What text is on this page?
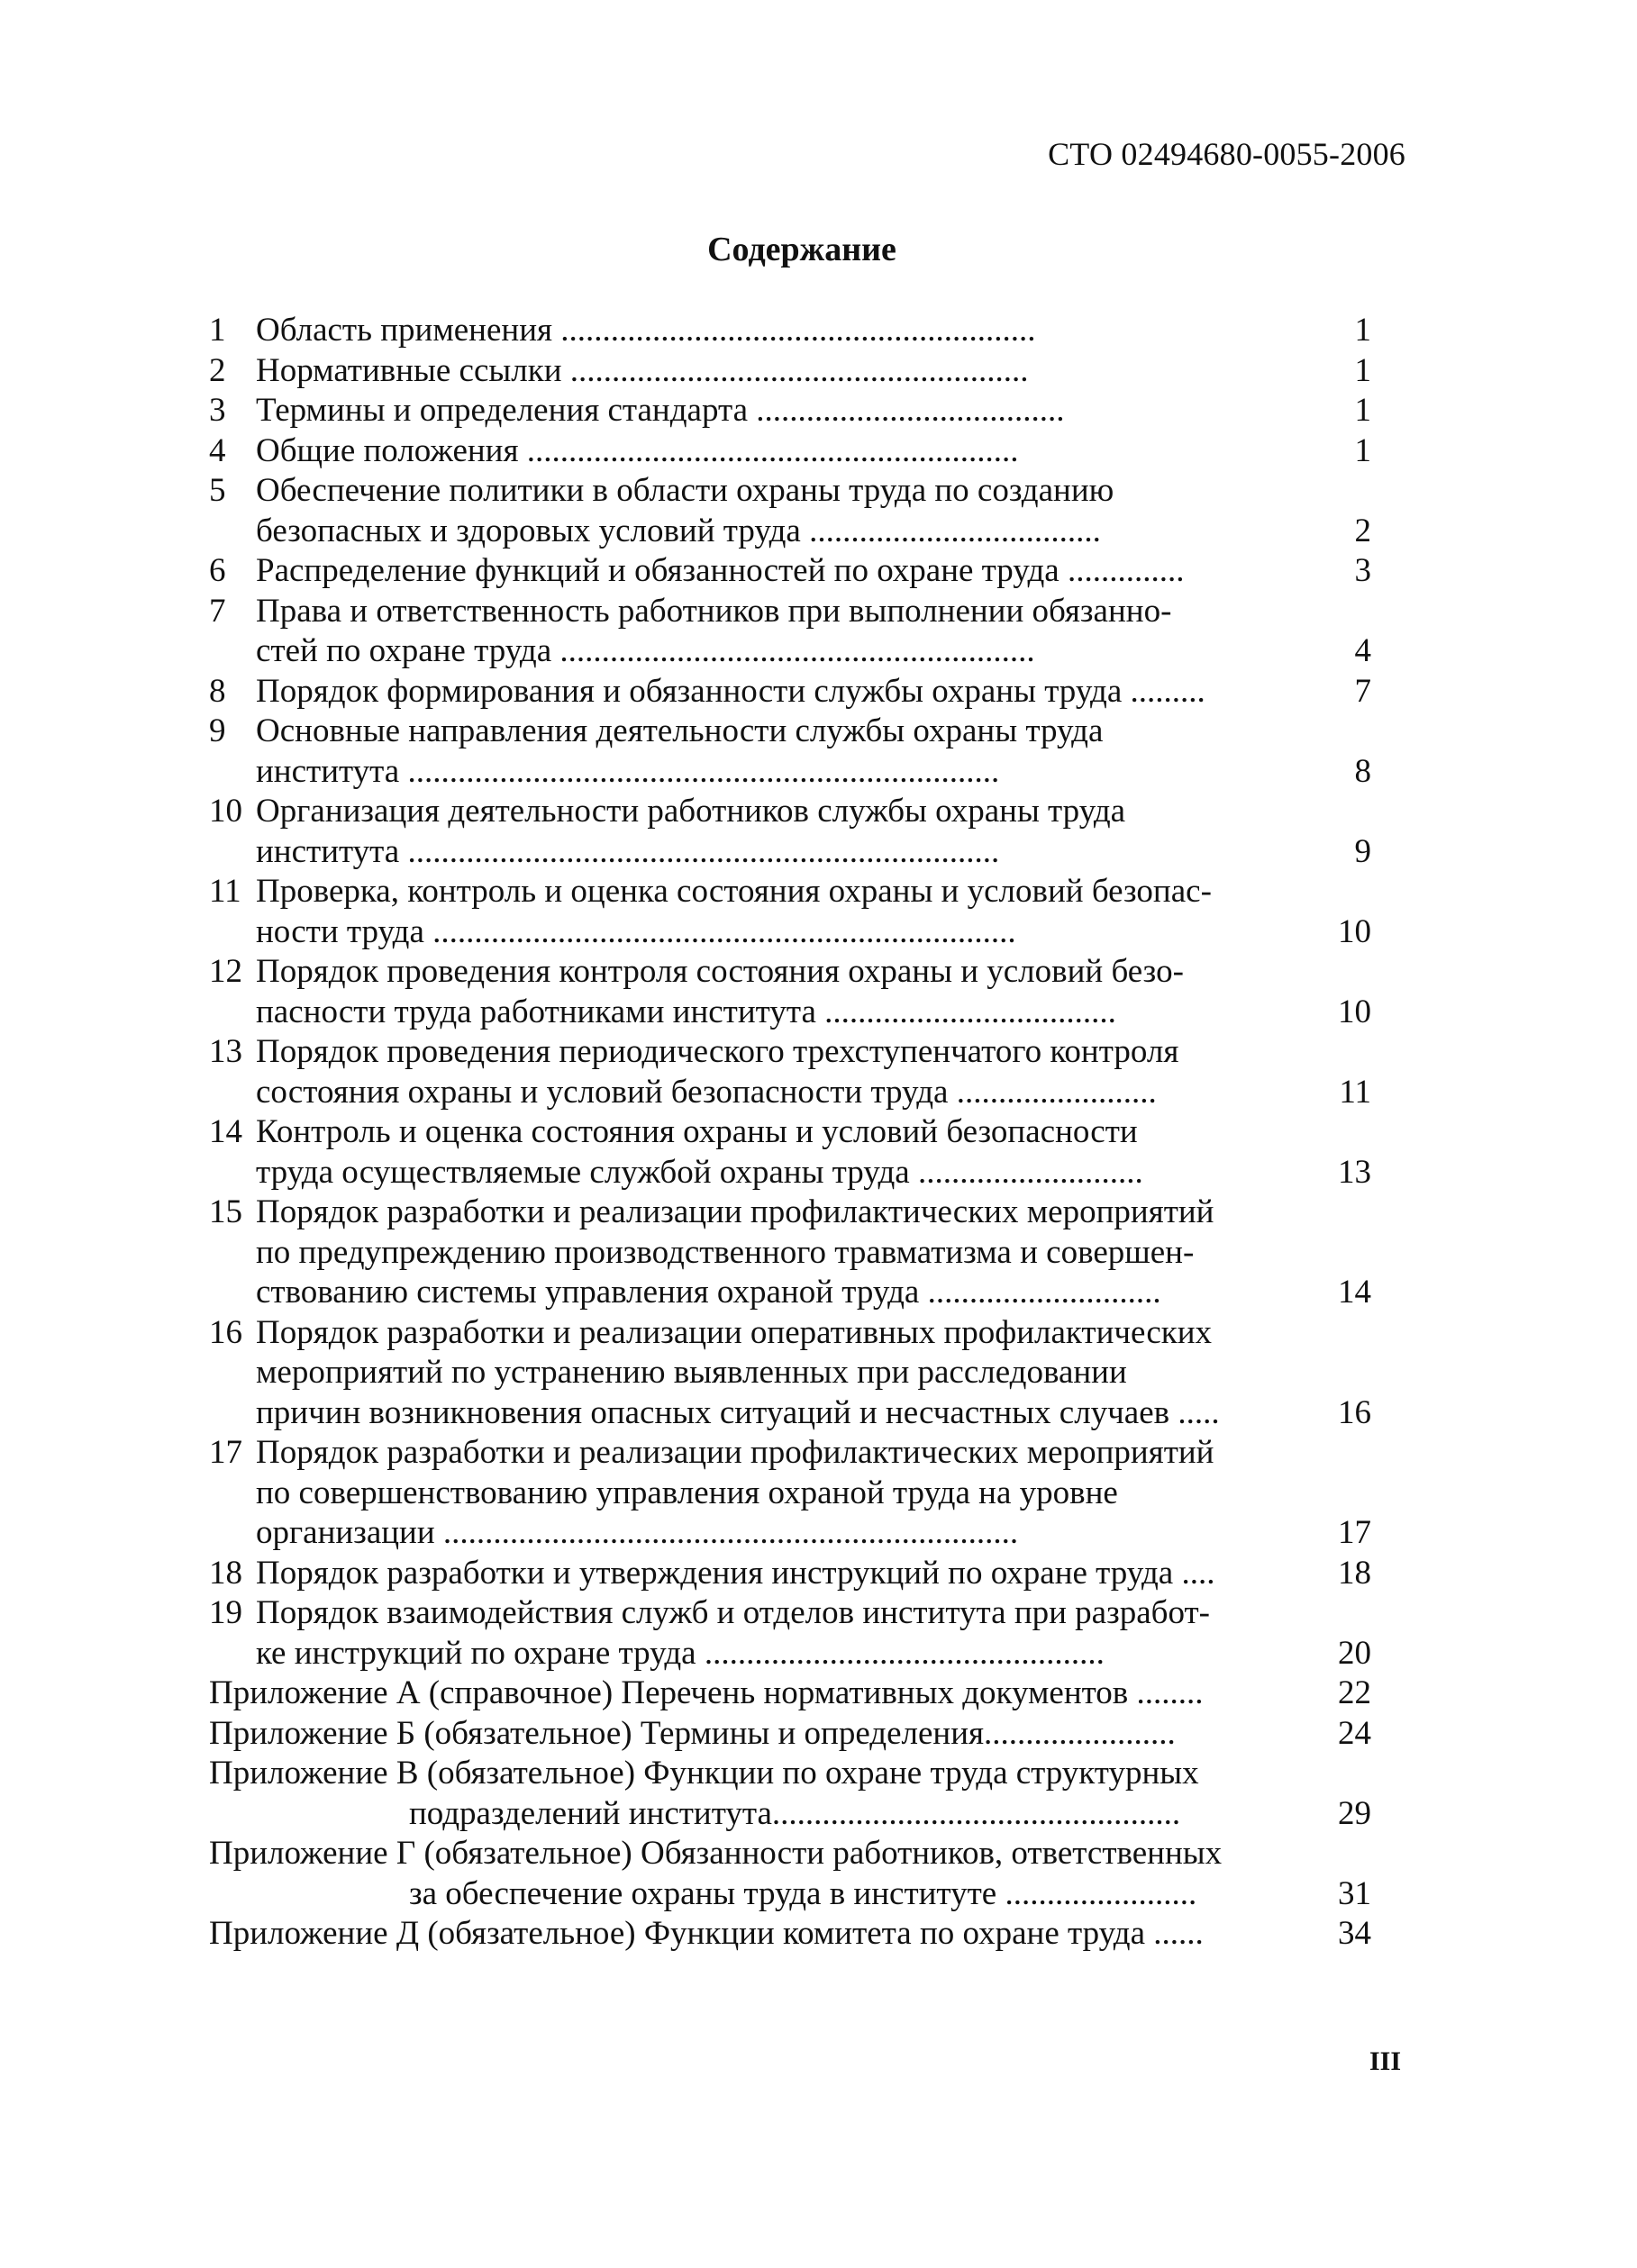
СТО 02494680-0055-2006
Содержание
1 Область применения .........................................................	1
2 Нормативные ссылки .......................................................	1
3 Термины и определения стандарта .....................................	1
4 Общие положения ...........................................................	1
5 Обеспечение политики в области охраны труда по созданию
безопасных и здоровых условий труда ...................................	2
6 Распределение функций и обязанностей по охране труда ..............	3
7 Права и ответственность работников при выполнении обязанно-
стей по охране труда .........................................................	4
8 Порядок формирования и обязанности службы охраны труда .........	7
9 Основные направления деятельности службы охраны труда
института .......................................................................	8
10 Организация деятельности работников службы охраны труда
института .......................................................................	9
11 Проверка, контроль и оценка состояния охраны и условий безопас-
ности труда ......................................................................	10
12 Порядок проведения контроля состояния охраны и условий безо-
пасности труда работниками института ...................................	10
13 Порядок проведения периодического трехступенчатого контроля
состояния охраны и условий безопасности труда ........................	11
14 Контроль и оценка состояния охраны и условий безопасности
труда осуществляемые службой охраны труда ...........................	13
15 Порядок разработки и реализации профилактических мероприятий
по предупреждению производственного травматизма и совершен-
ствованию системы управления охраной труда ............................	14
16 Порядок разработки и реализации оперативных профилактических
мероприятий по устранению выявленных при расследовании
причин возникновения опасных ситуаций и несчастных случаев .....	16
17 Порядок разработки и реализации профилактических мероприятий
по совершенствованию управления охраной труда на уровне
организации .....................................................................	17
18 Порядок разработки и утверждения инструкций по охране труда ....	18
19 Порядок взаимодействия служб и отделов института при разработ-
ке инструкций по охране труда ................................................	20
Приложение А (справочное) Перечень нормативных документов ........	22
Приложение Б (обязательное) Термины и определения.......................	24
Приложение В (обязательное) Функции по охране труда структурных
подразделений института.................................................	29
Приложение Г (обязательное) Обязанности работников, ответственных
за обеспечение охраны труда в институте .......................	31
Приложение Д (обязательное) Функции комитета по охране труда ......	34
III
